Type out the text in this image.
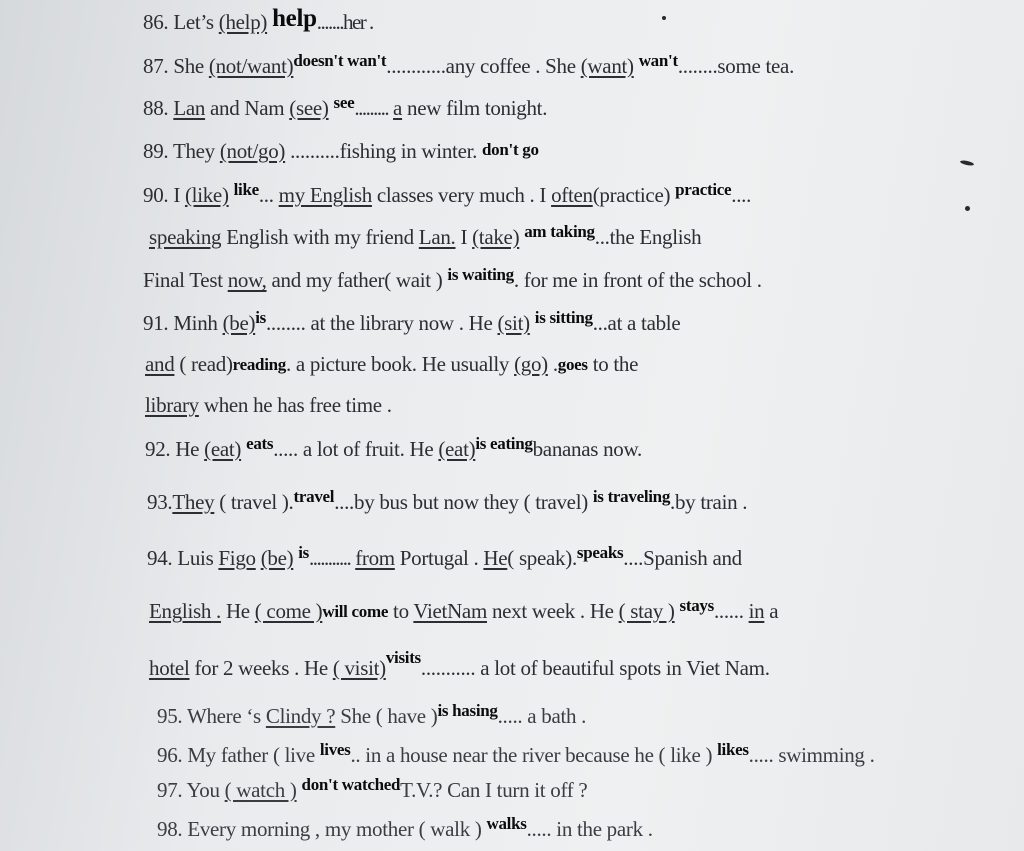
86. Let’s (help) help.......her .
87. She (not/want)$^{doesn't wan't}$............any coffee . She (want) $^{wan't}$........some tea.
88. Lan and Nam (see) $^{see}$......... a new film tonight.
89. They (not/go) ..........fishing in winter. don't go
90. I (like) $^{like}$... my English classes very much . I often(practice) $^{practice}$....
speaking English with my friend Lan. I (take) $^{am taking}$...the English
Final Test now, and my father( wait ) $^{is waiting}$. for me in front of the school .
91. Minh (be)$^{is}$........ at the library now . He (sit) $^{is sitting}$...at a table
and ( read)reading. a picture book. He usually (go) .goes to the
library when he has free time .
92. He (eat) $^{eats}$..... a lot of fruit. He (eat)$^{is eating}$bananas now.
93.They ( travel ).$^{travel}$....by bus but now they ( travel) $^{is traveling}$.by train .
94. Luis Figo (be) $^{is}$........... from Portugal . He( speak).$^{speaks}$....Spanish and
English . He ( come )will come to VietNam next week . He ( stay ) $^{stays}$...... in a
hotel for 2 weeks . He ( visit)$^{visits}$........... a lot of beautiful spots in Viet Nam.
95. Where ‘s Clindy ? She ( have )$^{is hasing}$..... a bath .
96. My father ( live $^{lives}$.. in a house near the river because he ( like ) $^{likes}$..... swimming .
97. You ( watch ) $^{don't watched}$T.V.? Can I turn it off ?
98. Every morning , my mother ( walk ) $^{walks}$..... in the park .
